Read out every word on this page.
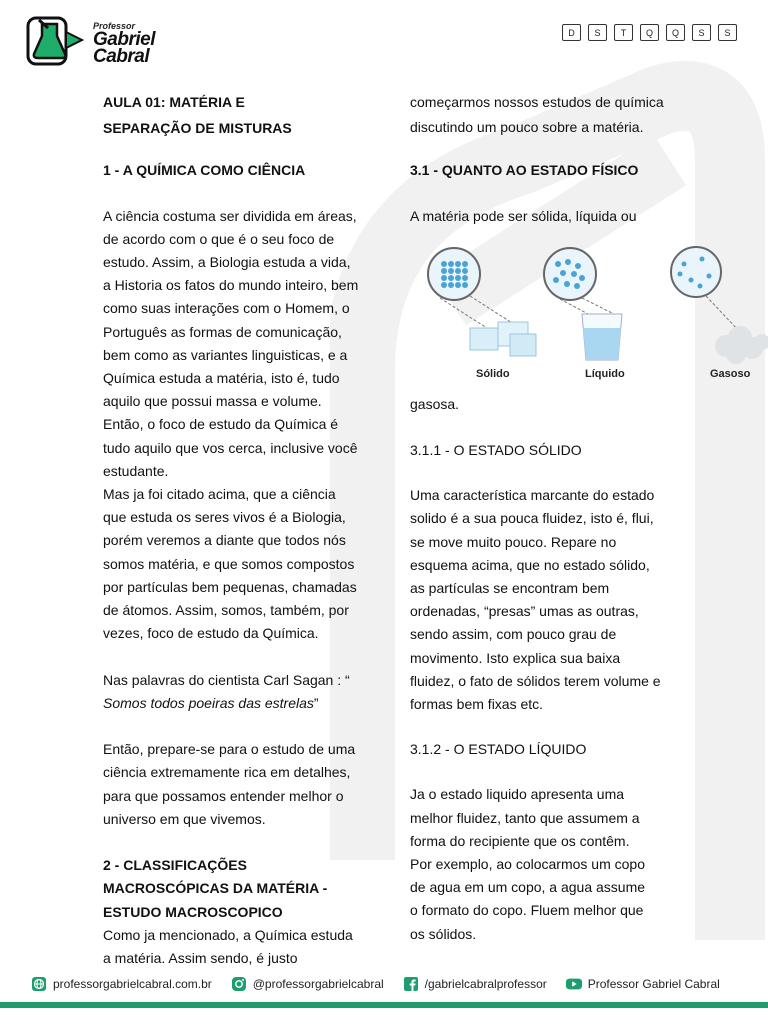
Professor
Gabriel
Cabral
D	S	T	Q	Q	S	S
AULA 01: MATÉRIA E
SEPARAÇÃO DE MISTURAS
1 - A QUÍMICA COMO CIÊNCIA
A ciência costuma ser dividida em áreas,
de acordo com o que é o seu foco de
estudo. Assim, a Biologia estuda a vida,
a Historia os fatos do mundo inteiro, bem
como suas interações com o Homem, o
Português as formas de comunicação,
bem como as variantes linguisticas, e a
Química estuda a matéria, isto é, tudo
aquilo que possui massa e volume.
Então, o foco de estudo da Química é
tudo aquilo que vos cerca, inclusive você
estudante.
Mas ja foi citado acima, que a ciência
que estuda os seres vivos é a Biologia,
porém veremos a diante que todos nós
somos matéria, e que somos compostos
por partículas bem pequenas, chamadas
de átomos. Assim, somos, também, por
vezes, foco de estudo da Química.
Nas palavras do cientista Carl Sagan : “
Somos todos poeiras das estrelas”
Então, prepare-se para o estudo de uma
ciência extremamente rica em detalhes,
para que possamos entender melhor o
universo em que vivemos.
2 - CLASSIFICAÇÕES
MACROSCÓPICAS DA MATÉRIA -
ESTUDO MACROSCOPICO
Como ja mencionado, a Química estuda
a matéria. Assim sendo, é justo
começarmos nossos estudos de química
discutindo um pouco sobre a matéria.
3.1 - QUANTO AO ESTADO FÍSICO
A matéria pode ser sólida, líquida ou
Sólido	Líquido	Gasoso
gasosa.
3.1.1 - O ESTADO SÓLIDO
Uma característica marcante do estado
solido é a sua pouca fluidez, isto é, flui,
se move muito pouco. Repare no
esquema acima, que no estado sólido,
as partículas se encontram bem
ordenadas, “presas” umas as outras,
sendo assim, com pouco grau de
movimento. Isto explica sua baixa
fluidez, o fato de sólidos terem volume e
formas bem fixas etc.
3.1.2 - O ESTADO LÍQUIDO
Ja o estado liquido apresenta uma
melhor fluidez, tanto que assumem a
forma do recipiente que os contêm.
Por exemplo, ao colocarmos um copo
de agua em um copo, a agua assume
o formato do copo. Fluem melhor que
os sólidos.
professorgabrielcabral.com.br	@professorgabrielcabral	/gabrielcabralprofessor	Professor Gabriel Cabral
